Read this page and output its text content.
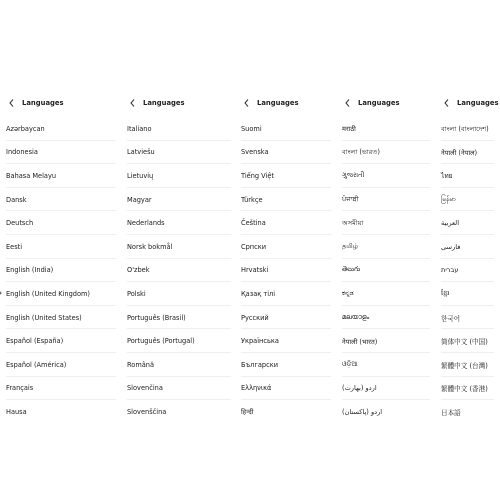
Languages
Azərbaycan
Indonesia
Bahasa Melayu
Dansk
Deutsch
Eesti
English (India)
English (United Kingdom)
English (United States)
Español (España)
Español (América)
Français
Hausa
Languages
Italiano
Latviešu
Lietuvių
Magyar
Nederlands
Norsk bokmål
O'zbek
Polski
Português (Brasil)
Português (Portugal)
Română
Slovenčina
Slovenščina
Languages
Suomi
Svenska
Tiếng Việt
Türkçe
Čeština
Српски
Hrvatski
Қазақ тілі
Русский
Українська
Български
Ελληνικά
हिन्दी
Languages
मराठी
বাংলা (ভারত)
ગુજરાતી
ਪੰਜਾਬੀ
অসমীয়া
தமிழ்
తెలుగు
ಕನ್ನಡ
മലയാളം
नेपाली (भारत)
ଓଡ଼ିଆ
اردو (بھارت)
اردو (پاکستان)
Languages
বাংলা (বাংলাদেশ)
नेपाली (नेपाल)
ไทย
မြန်မာ
العربية
فارسی
עברית
ខ្មែរ
한국어
简体中文 (中国)
繁體中文 (台灣)
繁體中文 (香港)
日本語
